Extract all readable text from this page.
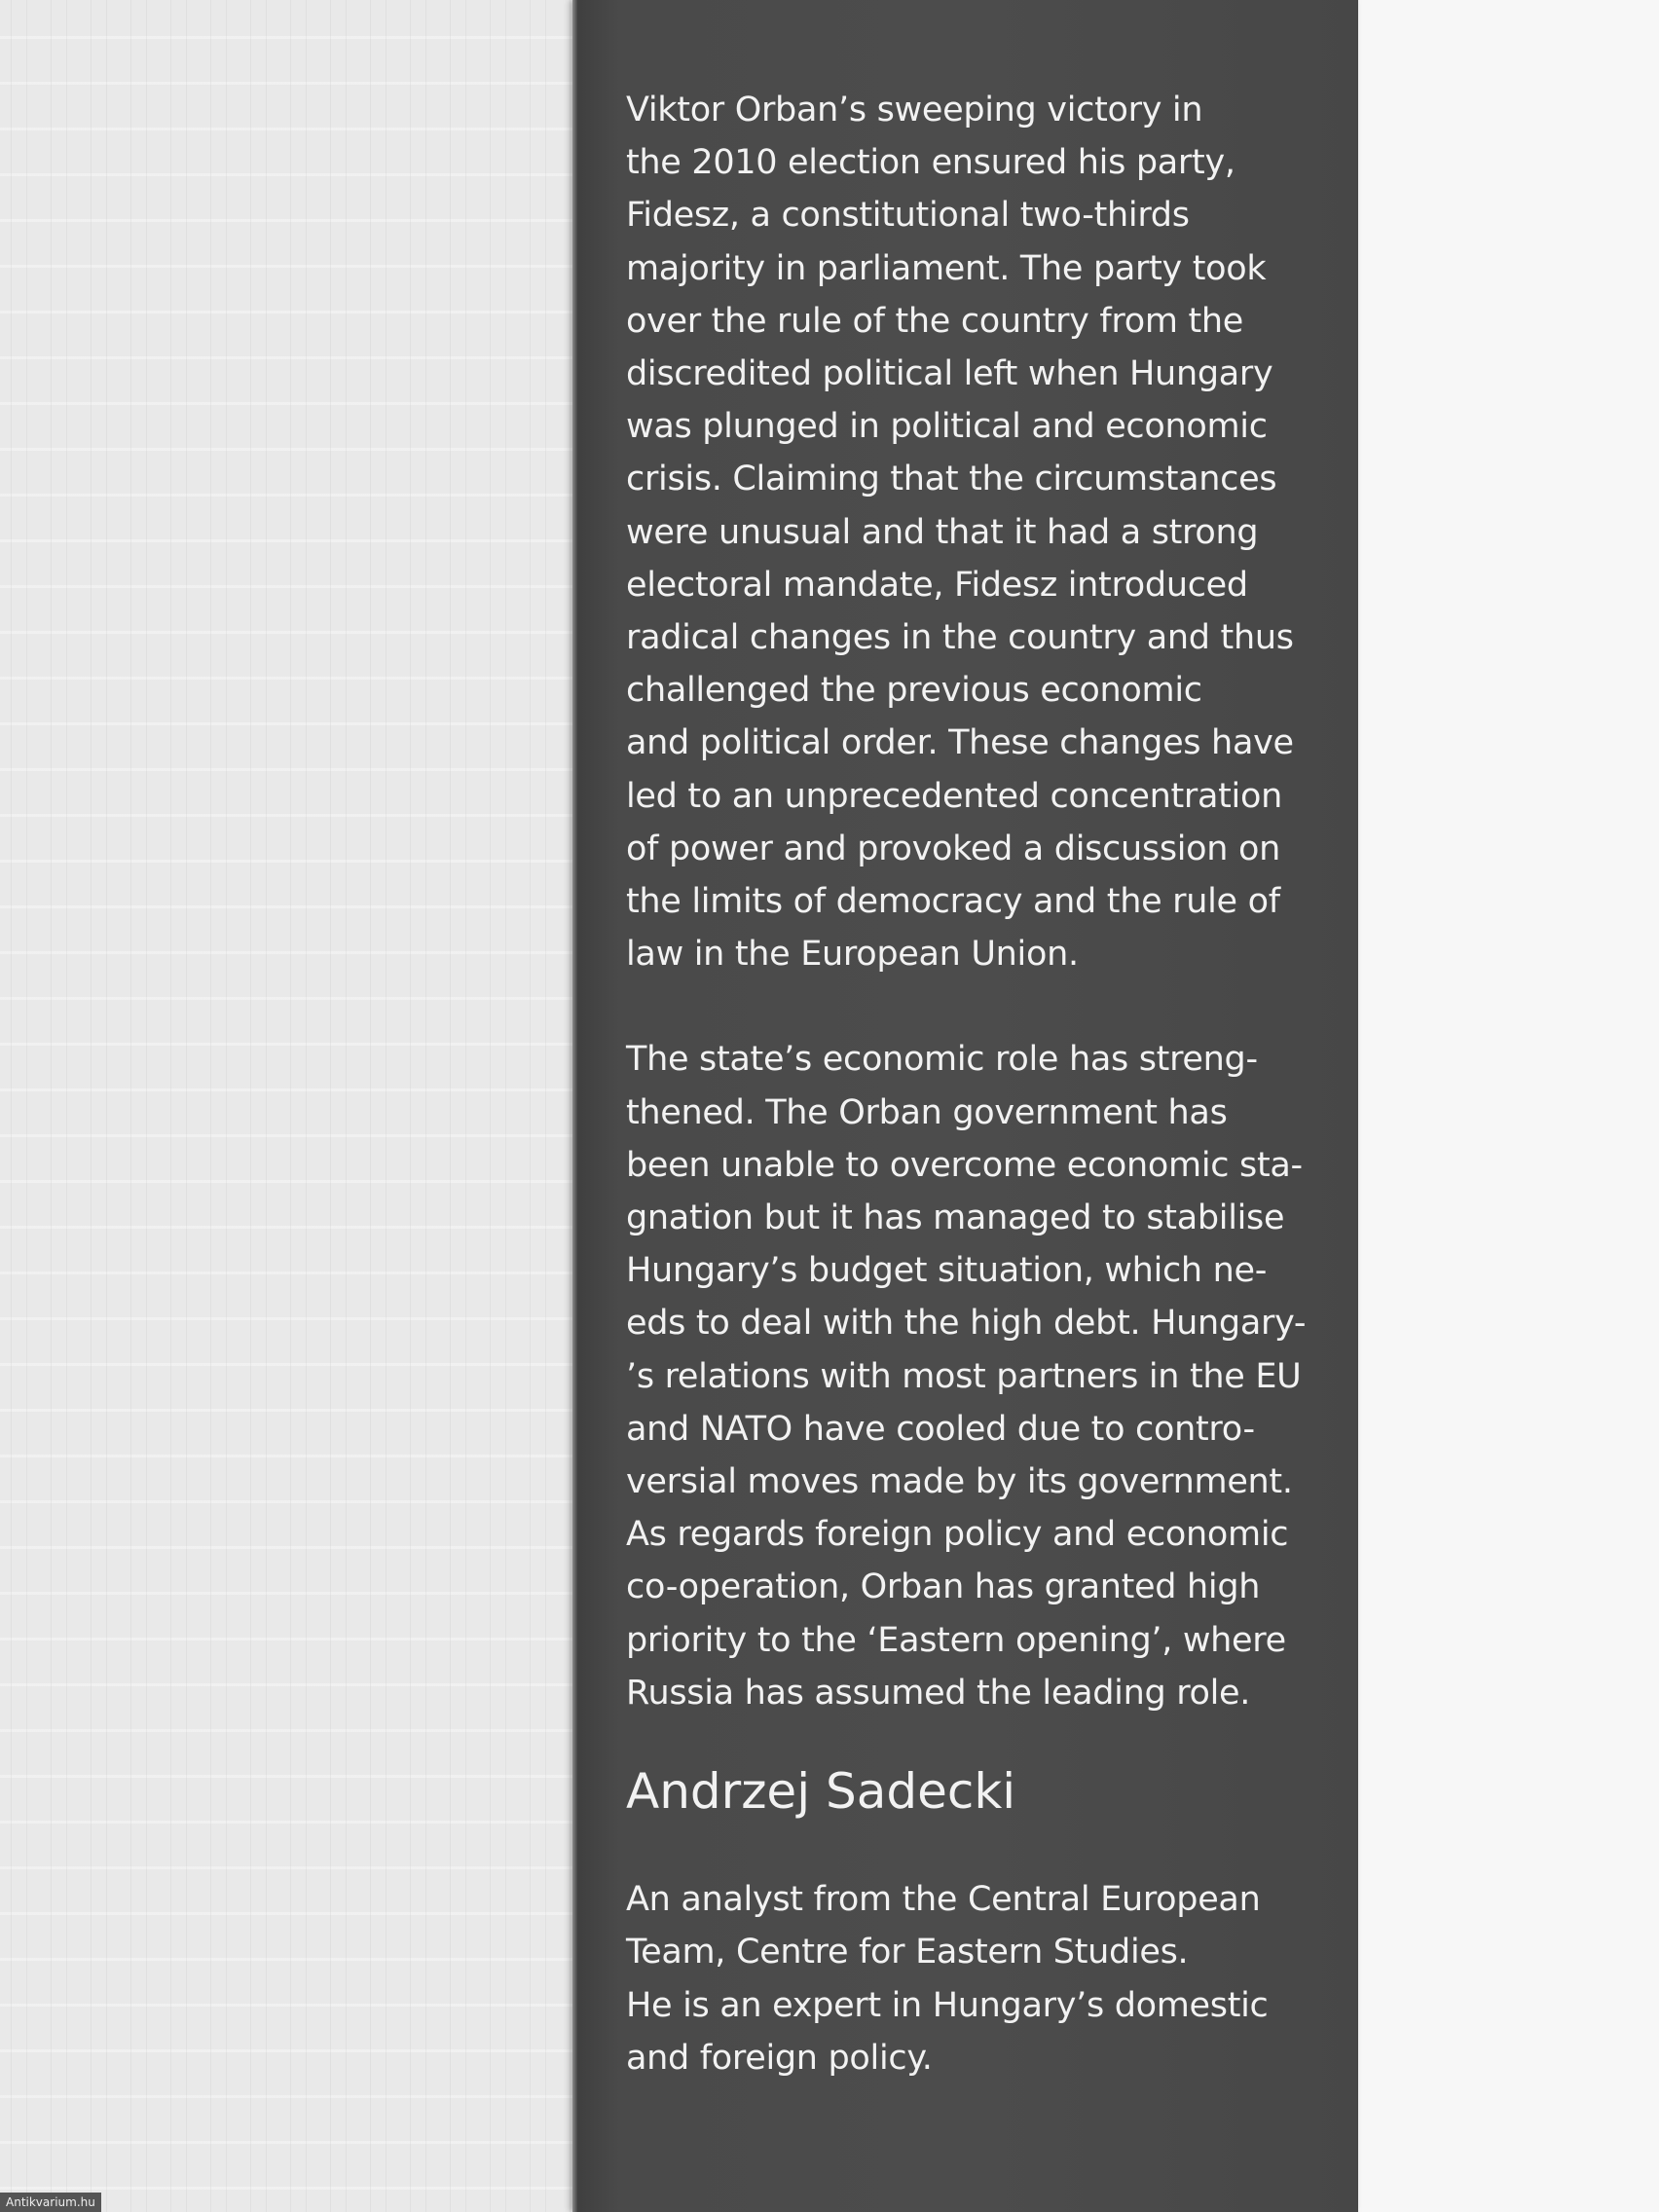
Viktor Orban’s sweeping victory in
the 2010 election ensured his party,
Fidesz, a constitutional two-thirds
majority in parliament. The party took
over the rule of the country from the
discredited political left when Hungary
was plunged in political and economic
crisis. Claiming that the circumstances
were unusual and that it had a strong
electoral mandate, Fidesz introduced
radical changes in the country and thus
challenged the previous economic
and political order. These changes have
led to an unprecedented concentration
of power and provoked a discussion on
the limits of democracy and the rule of
law in the European Union.

The state’s economic role has streng-
thened. The Orban government has
been unable to overcome economic sta-
gnation but it has managed to stabilise
Hungary’s budget situation, which ne-
eds to deal with the high debt. Hungary-
’s relations with most partners in the EU
and NATO have cooled due to contro-
versial moves made by its government.
As regards foreign policy and economic
co-operation, Orban has granted high
priority to the ‘Eastern opening’, where
Russia has assumed the leading role.

Andrzej Sadecki

An analyst from the Central European
Team, Centre for Eastern Studies.
He is an expert in Hungary’s domestic
and foreign policy.

Antikvarium.hu
